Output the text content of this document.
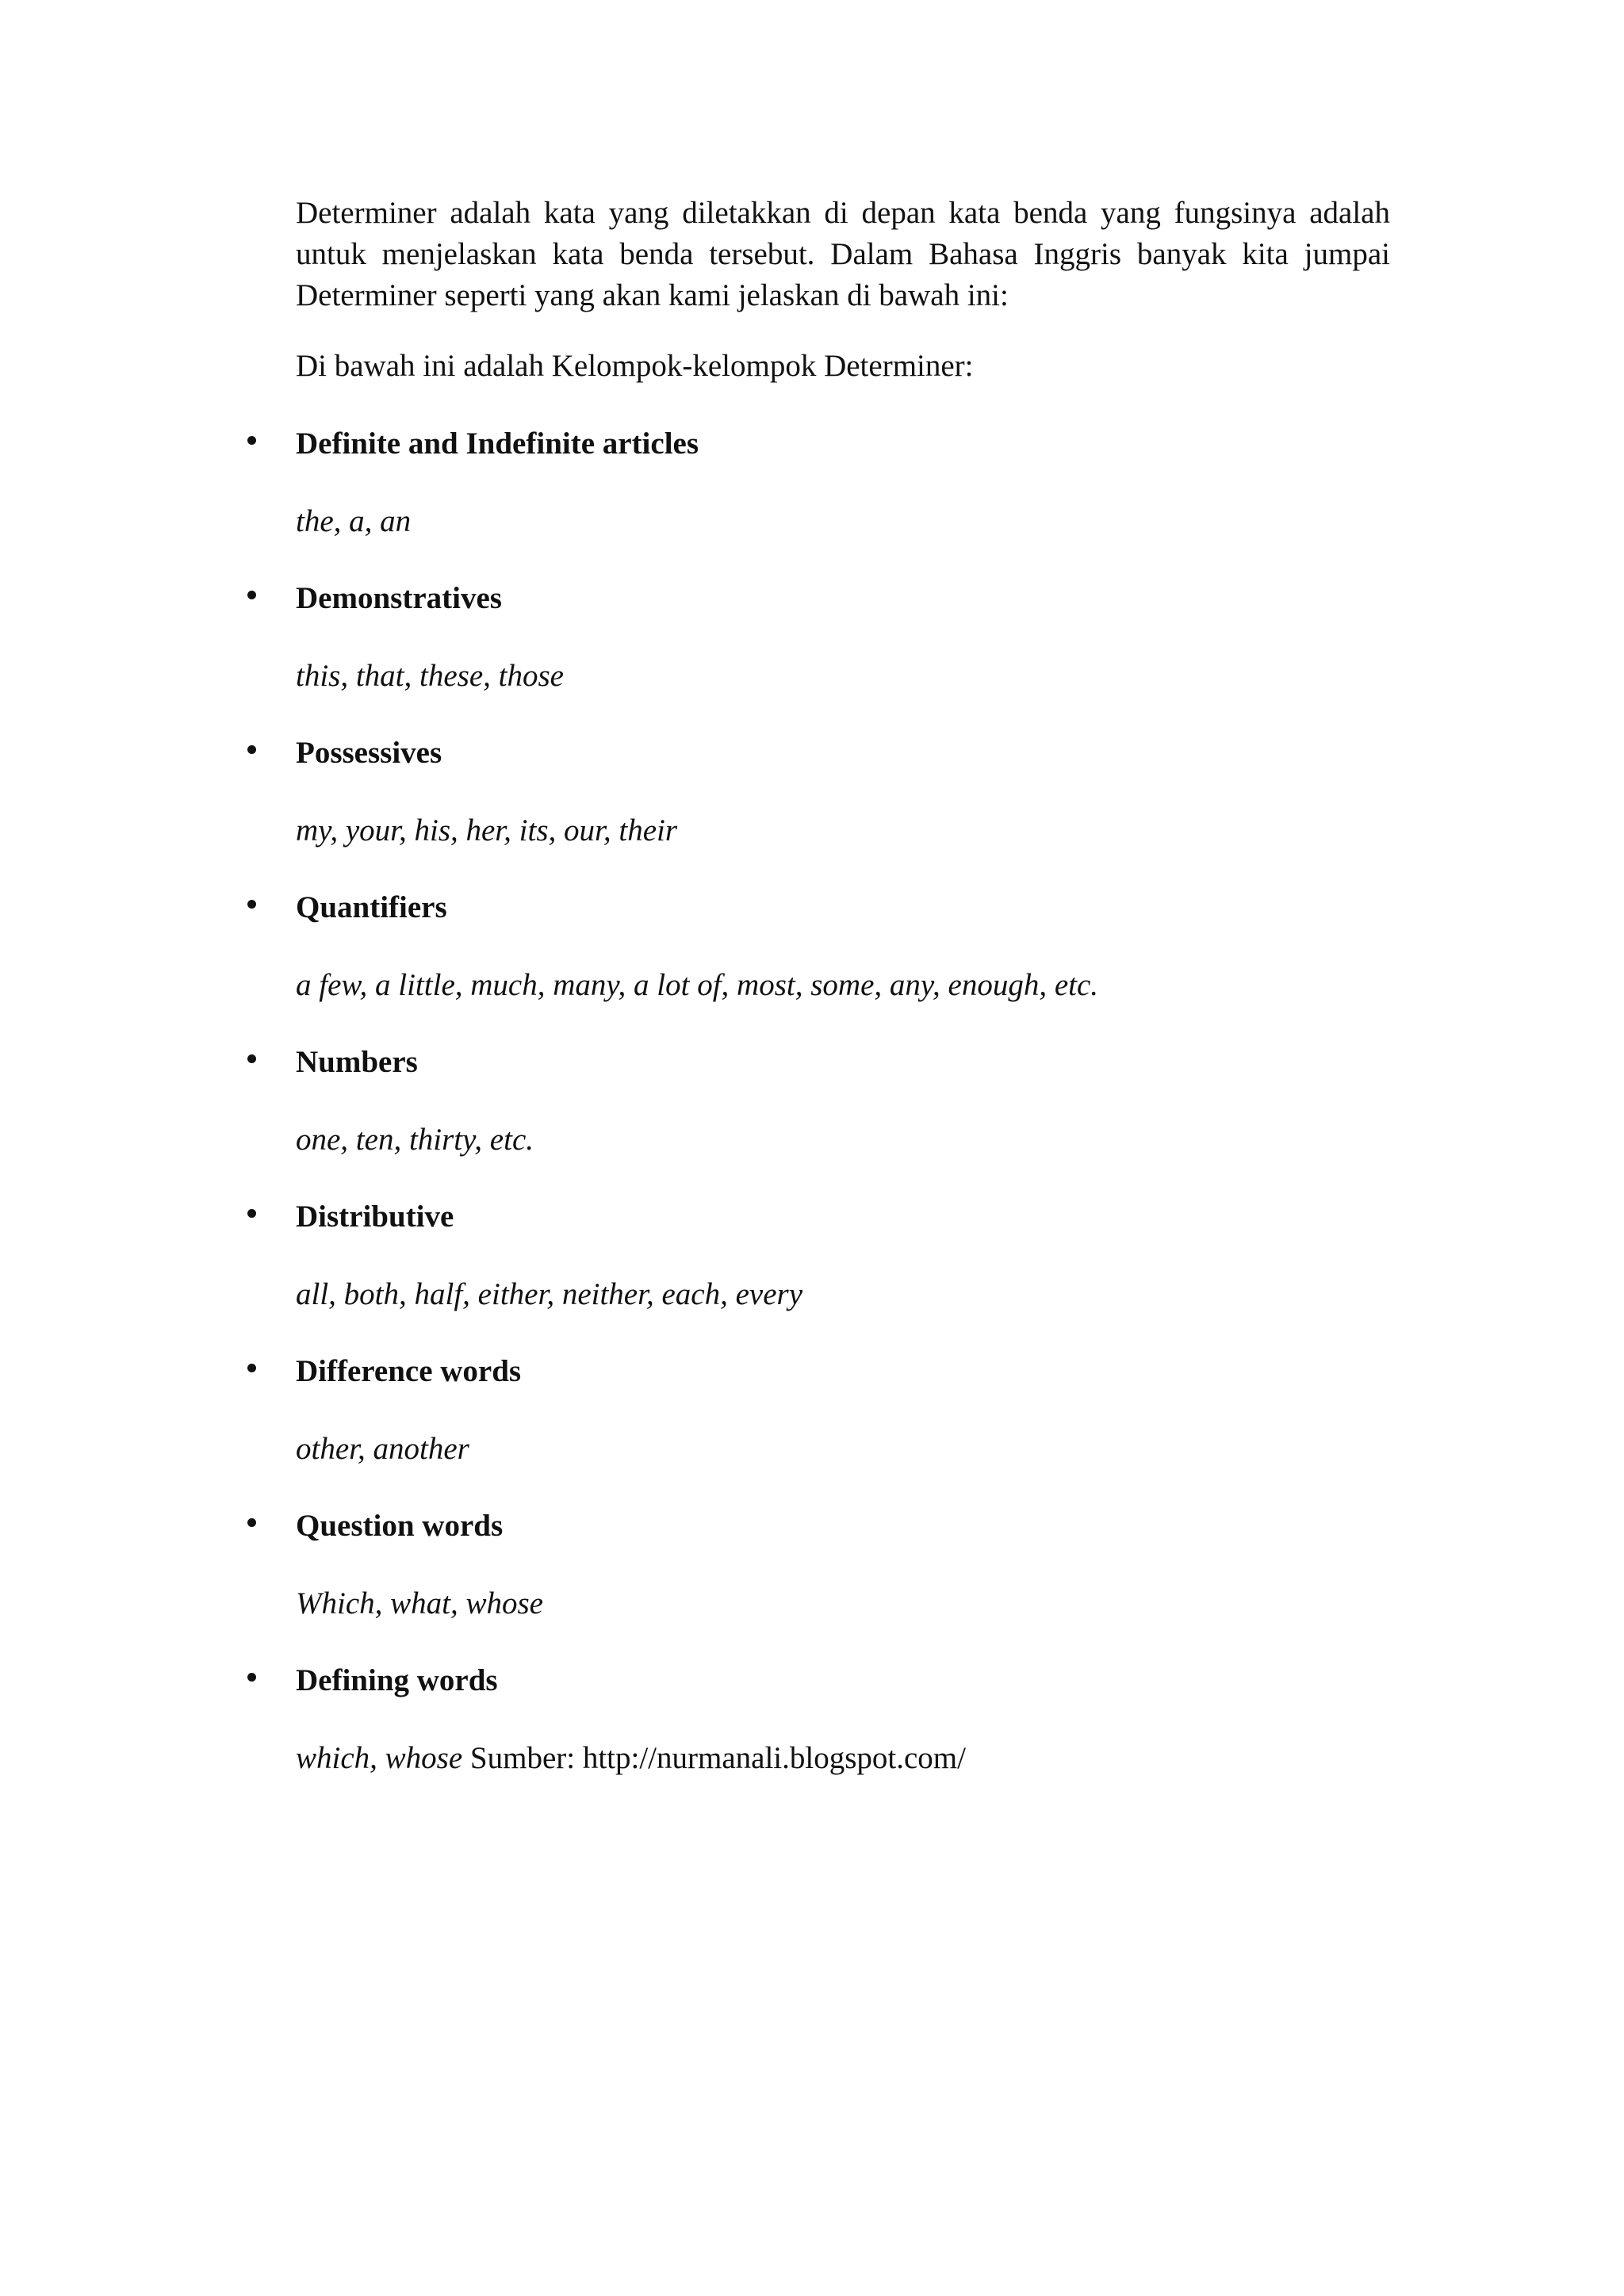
Determiner adalah kata yang diletakkan di depan kata benda yang fungsinya adalah untuk menjelaskan kata benda tersebut. Dalam Bahasa Inggris banyak kita jumpai Determiner seperti yang akan kami jelaskan di bawah ini:

Di bawah ini adalah Kelompok-kelompok Determiner:

Definite and Indefinite articles
the, a, an
Demonstratives
this, that, these, those
Possessives
my, your, his, her, its, our, their
Quantifiers
a few, a little, much, many, a lot of, most, some, any, enough, etc.
Numbers
one, ten, thirty, etc.
Distributive
all, both, half, either, neither, each, every
Difference words
other, another
Question words
Which, what, whose
Defining words
which, whose Sumber: http://nurmanali.blogspot.com/
